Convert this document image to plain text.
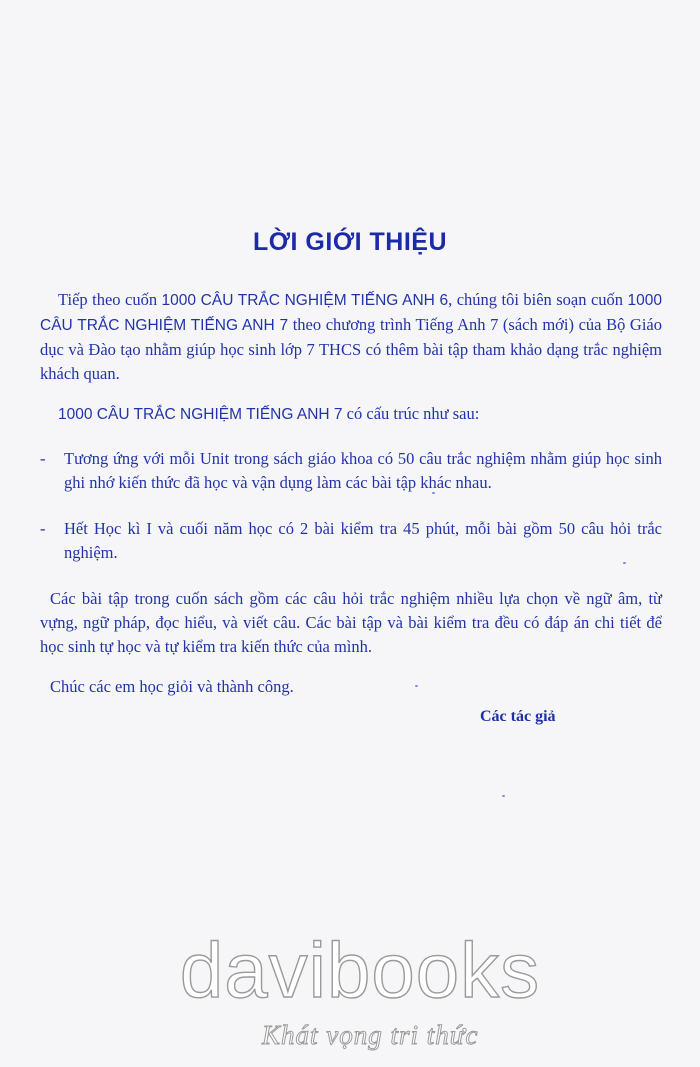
LỜI GIỚI THIỆU

Tiếp theo cuốn 1000 CÂU TRẮC NGHIỆM TIẾNG ANH 6, chúng tôi biên soạn cuốn 1000 CÂU TRẮC NGHIỆM TIẾNG ANH 7 theo chương trình Tiếng Anh 7 (sách mới) của Bộ Giáo dục và Đào tạo nhằm giúp học sinh lớp 7 THCS có thêm bài tập tham khảo dạng trắc nghiệm khách quan.

1000 CÂU TRẮC NGHIỆM TIẾNG ANH 7 có cấu trúc như sau:

- Tương ứng với mỗi Unit trong sách giáo khoa có 50 câu trắc nghiệm nhằm giúp học sinh ghi nhớ kiến thức đã học và vận dụng làm các bài tập khác nhau.
- Hết Học kì I và cuối năm học có 2 bài kiểm tra 45 phút, mỗi bài gồm 50 câu hỏi trắc nghiệm.

Các bài tập trong cuốn sách gồm các câu hỏi trắc nghiệm nhiều lựa chọn về ngữ âm, từ vựng, ngữ pháp, đọc hiểu, và viết câu. Các bài tập và bài kiểm tra đều có đáp án chi tiết để học sinh tự học và tự kiểm tra kiến thức của mình.

Chúc các em học giỏi và thành công.

Các tác giả
davibooks
Khát vọng tri thức
